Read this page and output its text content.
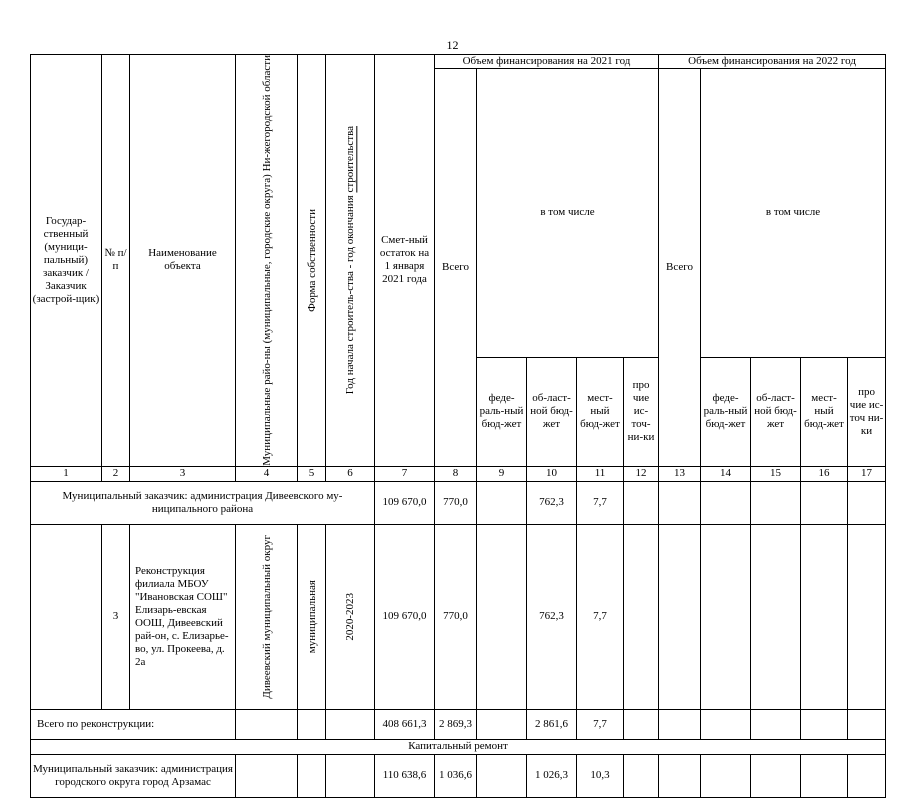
12
Государ-ственный (муници-пальный) заказчик / Заказчик (застрой-щик)	№ п/п	Наименование объекта	Муниципальные райо-ны (муниципальные, городские округа) Ни-жегородской области	Форма собственности	Год начала строитель-ства - год окончания строительства	Смет-ный остаток на 1 января 2021 года	Объем финансирования на 2021 год					Объем финансирования на 2022 год				
							Всего	в том числе				Всего	в том числе			
								феде-раль-ный бюд-жет	об-ласт-ной бюд-жет	мест-ный бюд-жет	про чие ис-точ-ни-ки		феде-раль-ный бюд-жет	об-ласт-ной бюд-жет	мест-ный бюд-жет	про чие ис-точ ни-ки
1	2	3	4	5	6	7	8	9	10	11	12	13	14	15	16	17
Муниципальный заказчик: администрация Дивеевского му-ниципального района						109 670,0	770,0		762,3	7,7						
	3	Реконструкция филиала МБОУ "Ивановская СОШ" Елизарь-евская ООШ, Дивеевский рай-он, с. Елизарье-во, ул. Прокеева, д. 2а	Дивеевский муниципальный округ	муниципальная	2020-2023	109 670,0	770,0		762,3	7,7						
Всего по реконструкции:						408 661,3	2 869,3		2 861,6	7,7						
Капитальный ремонт																
Муниципальный заказчик: администрация городского округа город Арзамас						110 638,6	1 036,6		1 026,3	10,3						
